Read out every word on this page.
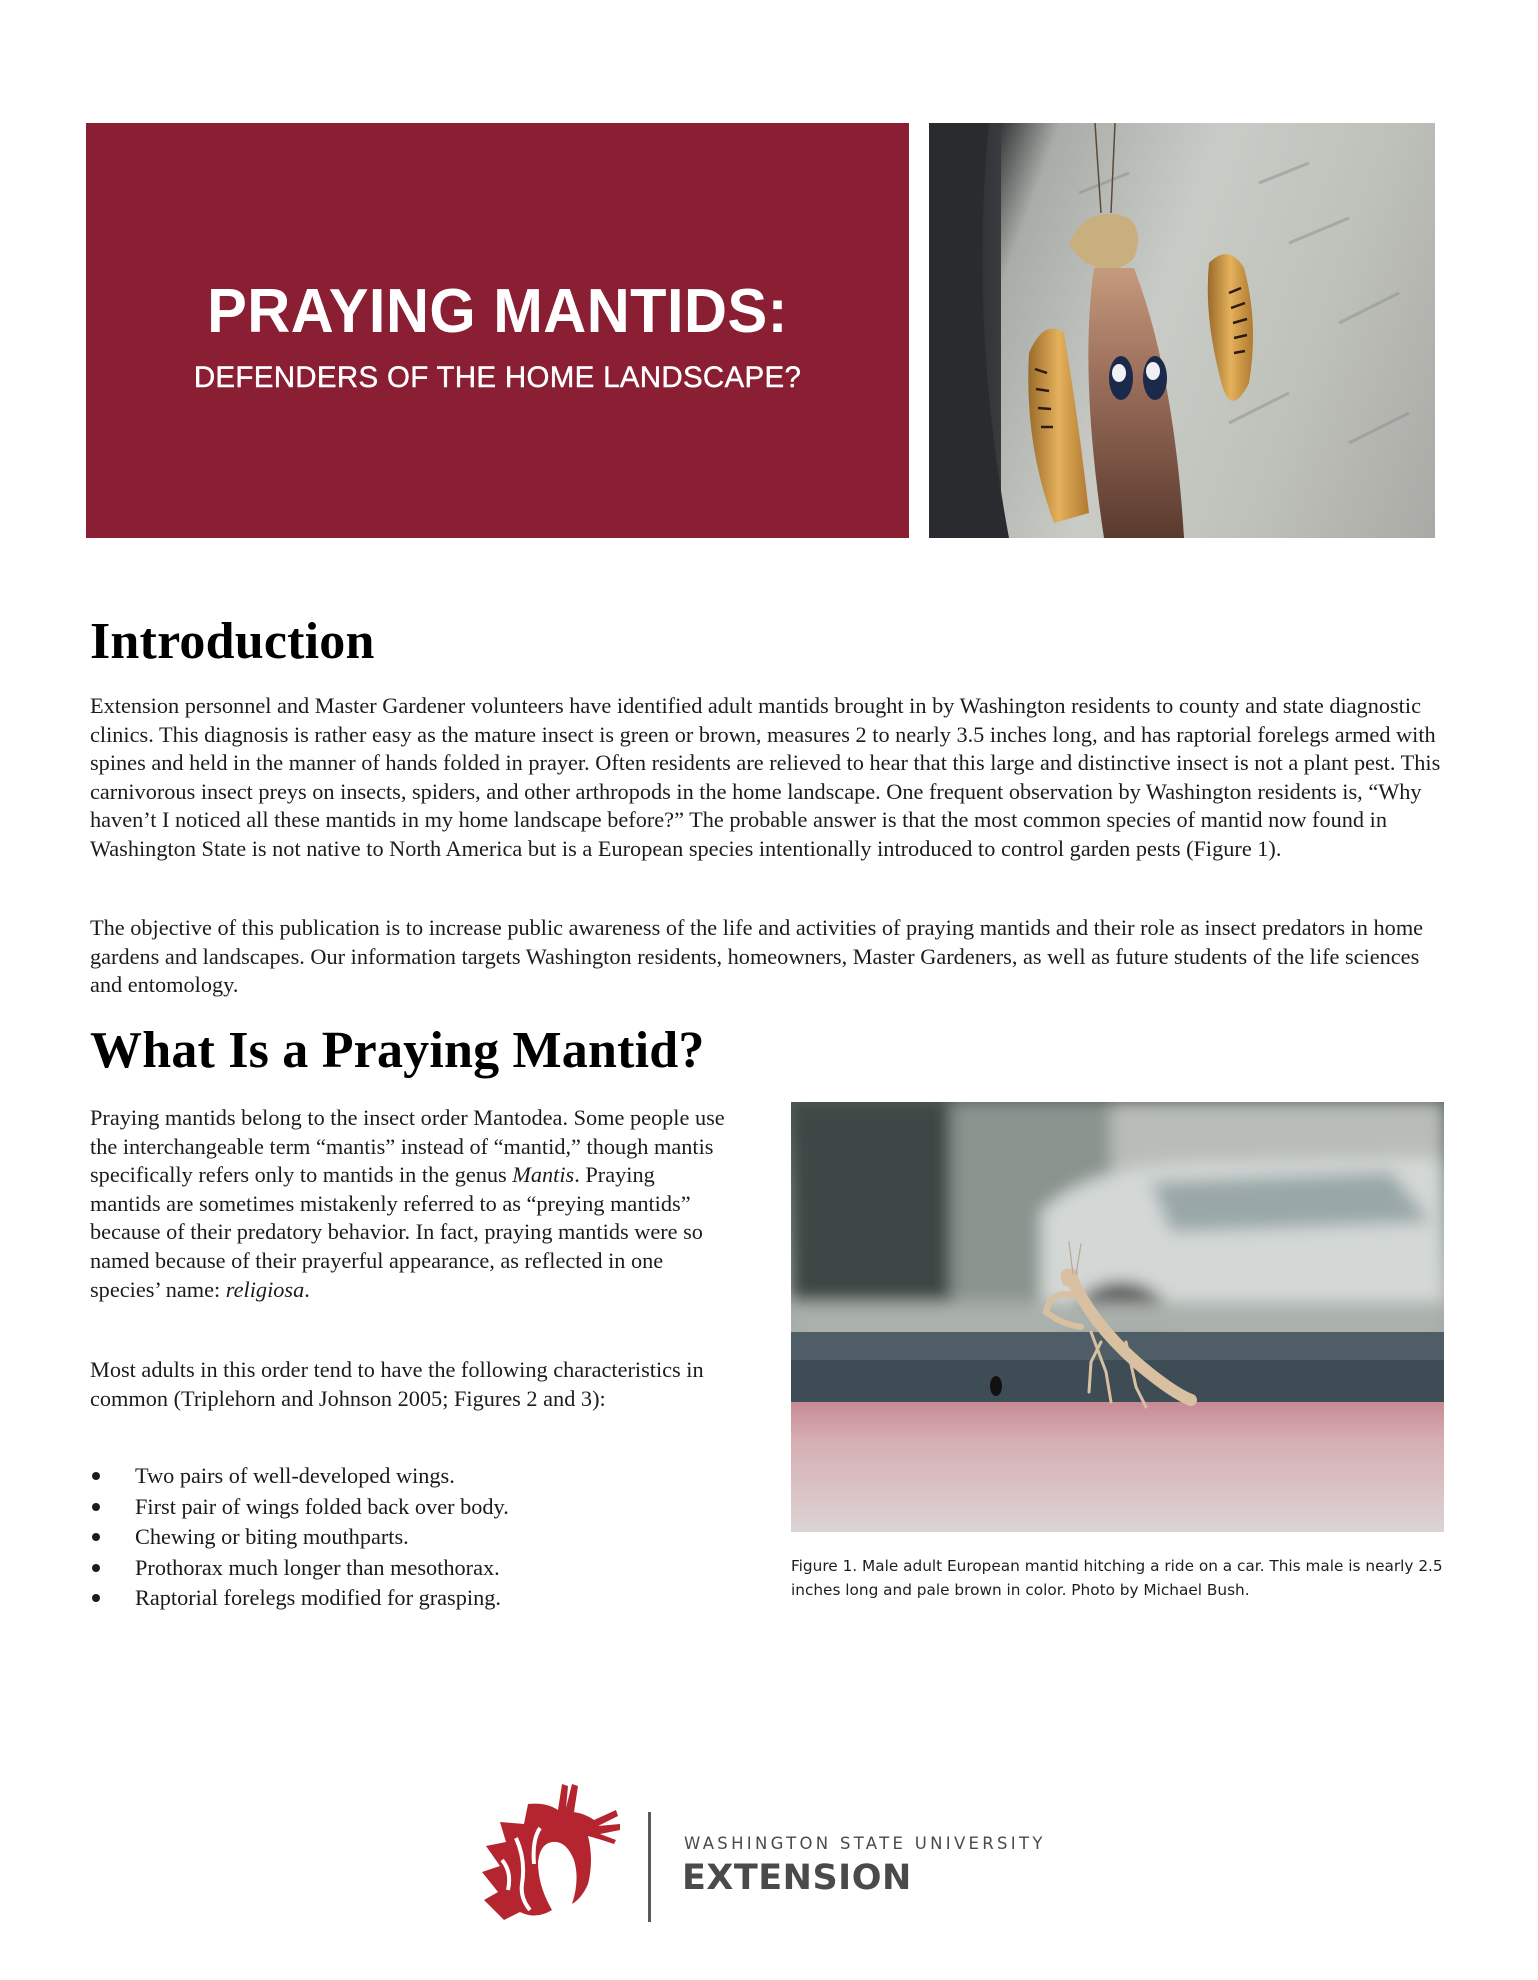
PRAYING MANTIDS:
DEFENDERS OF THE HOME LANDSCAPE?
Introduction

Extension personnel and Master Gardener volunteers have identified adult mantids brought in by Washington residents to county and state diagnostic clinics. This diagnosis is rather easy as the mature insect is green or brown, measures 2 to nearly 3.5 inches long, and has raptorial forelegs armed with spines and held in the manner of hands folded in prayer. Often residents are relieved to hear that this large and distinctive insect is not a plant pest. This carnivorous insect preys on insects, spiders, and other arthropods in the home landscape. One frequent observation by Washington residents is, “Why haven’t I noticed all these mantids in my home landscape before?” The probable answer is that the most common species of mantid now found in Washington State is not native to North America but is a European species intentionally introduced to control garden pests (Figure 1).

The objective of this publication is to increase public awareness of the life and activities of praying mantids and their role as insect predators in home gardens and landscapes. Our information targets Washington residents, homeowners, Master Gardeners, as well as future students of the life sciences and entomology.

What Is a Praying Mantid?

Praying mantids belong to the insect order Mantodea. Some people use the interchangeable term “mantis” instead of “mantid,” though mantis specifically refers only to mantids in the genus Mantis. Praying mantids are sometimes mistakenly referred to as “preying mantids” because of their predatory behavior. In fact, praying mantids were so named because of their prayerful appearance, as reflected in one species’ name: religiosa.

Most adults in this order tend to have the following characteristics in common (Triplehorn and Johnson 2005; Figures 2 and 3):

Two pairs of well-developed wings.
First pair of wings folded back over body.
Chewing or biting mouthparts.
Prothorax much longer than mesothorax.
Raptorial forelegs modified for grasping.

Figure 1. Male adult European mantid hitching a ride on a car. This male is nearly 2.5 inches long and pale brown in color. Photo by Michael Bush.

WASHINGTON STATE UNIVERSITY
EXTENSION
